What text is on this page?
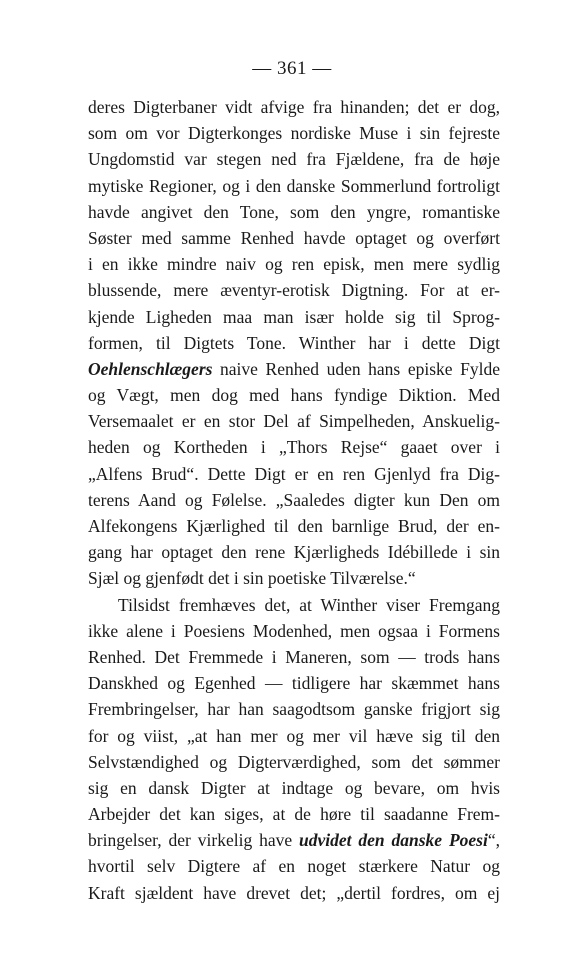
— 361 —
deres Digterbaner vidt afvige fra hinanden; det er dog,
som om vor Digterkonges nordiske Muse i sin fejreste
Ungdomstid var stegen ned fra Fjældene, fra de høje
mytiske Regioner, og i den danske Sommerlund fortroligt
havde angivet den Tone, som den yngre, romantiske
Søster med samme Renhed havde optaget og overført
i en ikke mindre naiv og ren episk, men mere sydlig
blussende, mere æventyr-erotisk Digtning. For at er-
kjende Ligheden maa man især holde sig til Sprog-
formen, til Digtets Tone. Winther har i dette Digt
Oehlenschlægers naive Renhed uden hans episke Fylde
og Vægt, men dog med hans fyndige Diktion. Med
Versemaalet er en stor Del af Simpelheden, Anskuelig-
heden og Kortheden i „Thors Rejse“ gaaet over i
„Alfens Brud“. Dette Digt er en ren Gjenlyd fra Dig-
terens Aand og Følelse. „Saaledes digter kun Den om
Alfekongens Kjærlighed til den barnlige Brud, der en-
gang har optaget den rene Kjærligheds Idébillede i sin
Sjæl og gjenfødt det i sin poetiske Tilværelse.“
Tilsidst fremhæves det, at Winther viser Fremgang
ikke alene i Poesiens Modenhed, men ogsaa i Formens
Renhed. Det Fremmede i Maneren, som — trods hans
Danskhed og Egenhed — tidligere har skæmmet hans
Frembringelser, har han saagodtsom ganske frigjort sig
for og viist, „at han mer og mer vil hæve sig til den
Selvstændighed og Digterværdighed, som det sømmer
sig en dansk Digter at indtage og bevare, om hvis
Arbejder det kan siges, at de høre til saadanne Frem-
bringelser, der virkelig have udvidet den danske Poesi“,
hvortil selv Digtere af en noget stærkere Natur og
Kraft sjældent have drevet det; „dertil fordres, om ej
